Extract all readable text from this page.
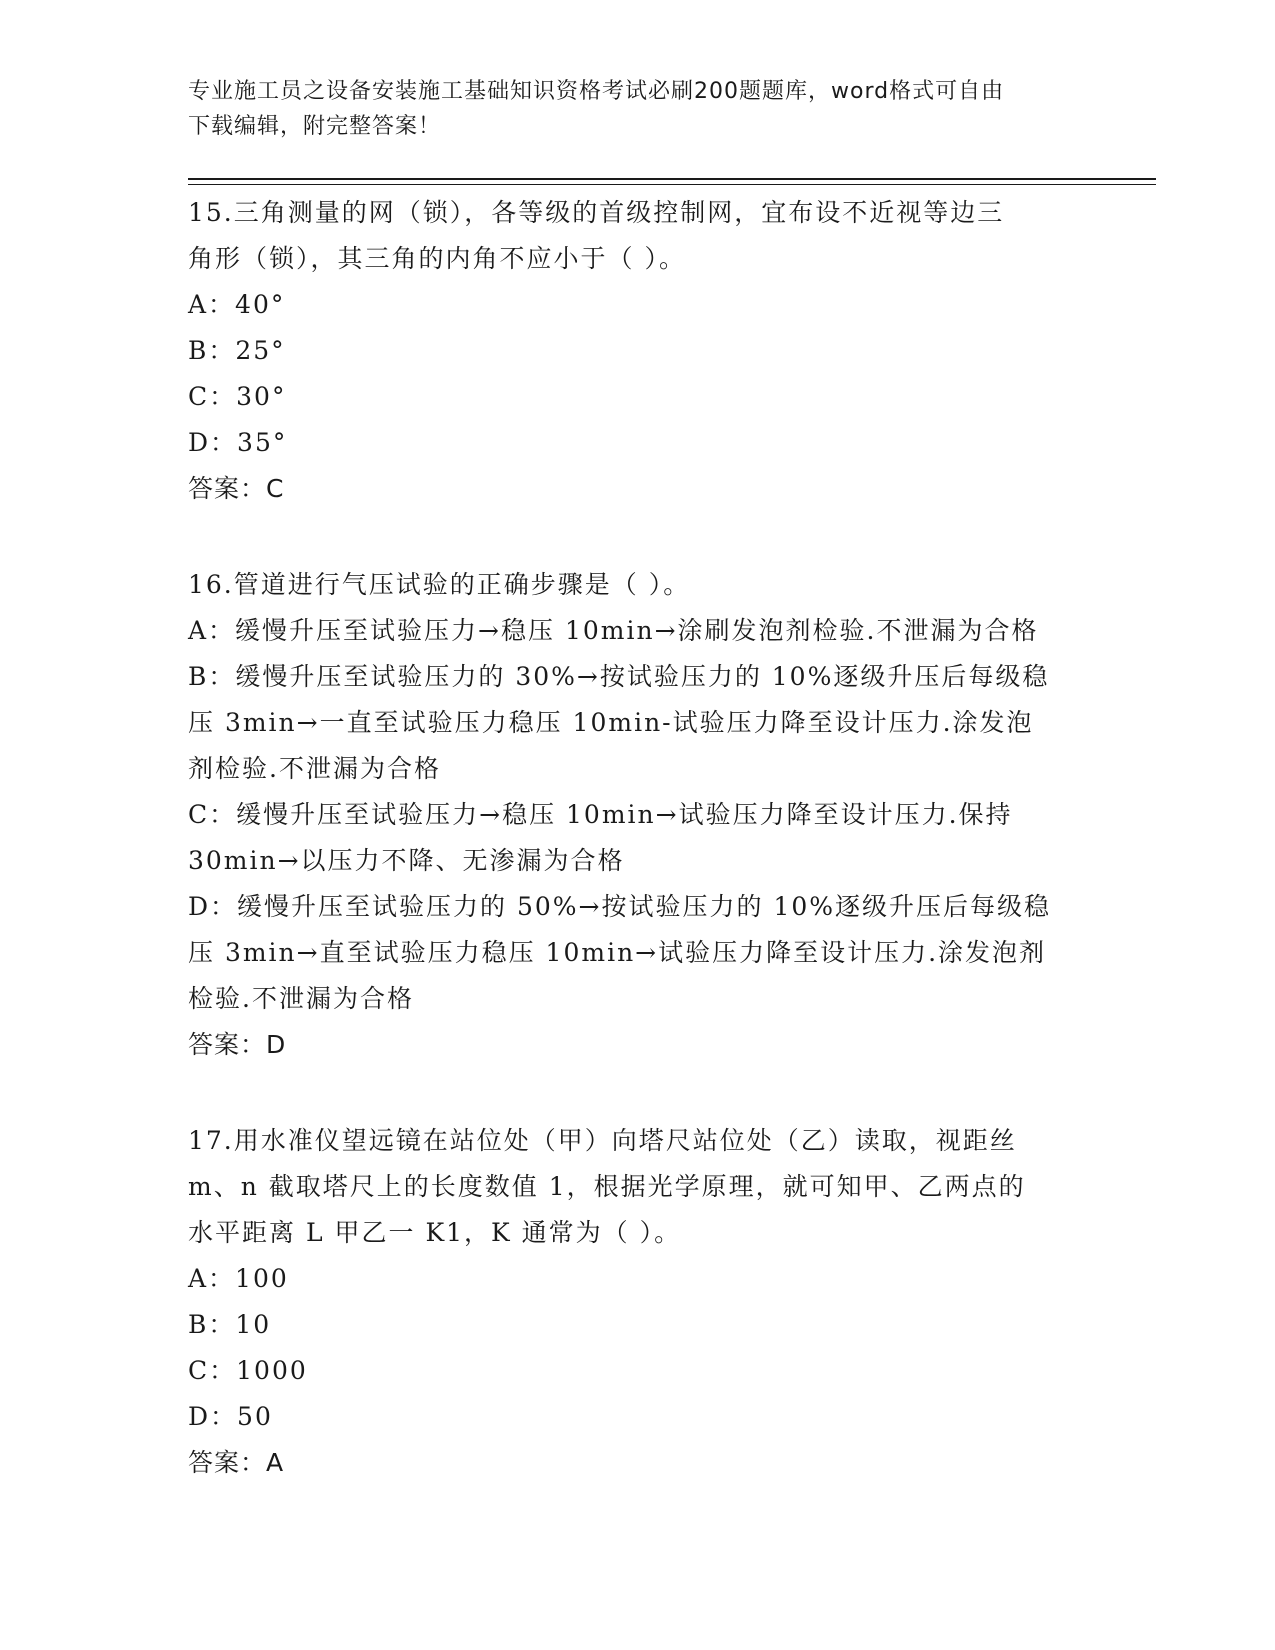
专业施工员之设备安装施工基础知识资格考试必刷200题题库，word格式可自由
下载编辑，附完整答案！

15.三角测量的网（锁），各等级的首级控制网，宜布设不近视等边三

角形（锁），其三角的内角不应小于（ ）。

A：40°

B：25°

C：30°

D：35°

答案：C

16.管道进行气压试验的正确步骤是（ ）。

A：缓慢升压至试验压力→稳压 10min→涂刷发泡剂检验.不泄漏为合格

B：缓慢升压至试验压力的 30%→按试验压力的 10%逐级升压后每级稳

压 3min→一直至试验压力稳压 10min-试验压力降至设计压力.涂发泡

剂检验.不泄漏为合格

C：缓慢升压至试验压力→稳压 10min→试验压力降至设计压力.保持

30min→以压力不降、无渗漏为合格

D：缓慢升压至试验压力的 50%→按试验压力的 10%逐级升压后每级稳

压 3min→直至试验压力稳压 10min→试验压力降至设计压力.涂发泡剂

检验.不泄漏为合格

答案：D

17.用水准仪望远镜在站位处（甲）向塔尺站位处（乙）读取，视距丝

m、n 截取塔尺上的长度数值 1，根据光学原理，就可知甲、乙两点的

水平距离 L 甲乙一 K1，K 通常为（ ）。

A：100

B：10

C：1000

D：50

答案：A
